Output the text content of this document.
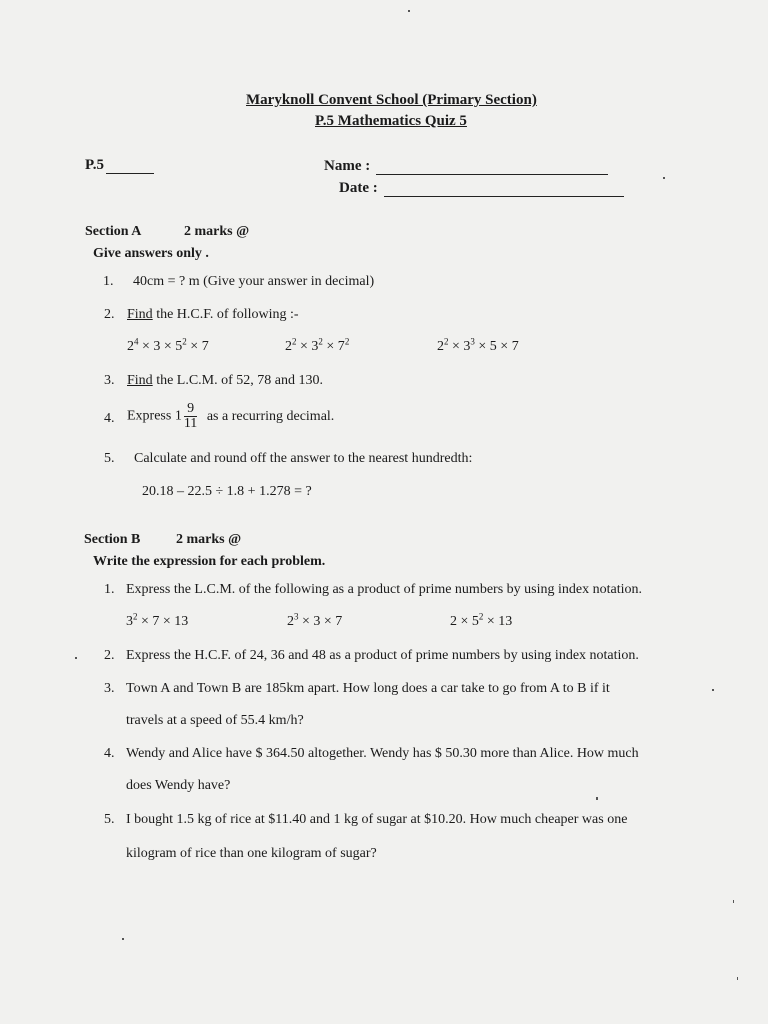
Maryknoll Convent School (Primary Section)
P.5 Mathematics Quiz 5
P.5	Name :
Date :
Section A	2 marks @
Give answers only .
1. 40cm = ? m (Give your answer in decimal)
2. Find the H.C.F. of following :-
$2^4 \times 3 \times 5^2 \times 7$	$2^2 \times 3^2 \times 7^2$	$2^2 \times 3^3 \times 5 \times 7$
3. Find the L.C.M. of 52, 78 and 130.
4. Express $1 \frac{9}{11}$ as a recurring decimal.
5. Calculate and round off the answer to the nearest hundredth:
20.18 – 22.5 ÷ 1.8 + 1.278 = ?
Section B	2 marks @
Write the expression for each problem.
1. Express the L.C.M. of the following as a product of prime numbers by using index notation.
$3^2 \times 7 \times 13$	$2^3 \times 3 \times 7$	$2 \times 5^2 \times 13$
2. Express the H.C.F. of 24, 36 and 48 as a product of prime numbers by using index notation.
3. Town A and Town B are 185km apart. How long does a car take to go from A to B if it
travels at a speed of 55.4 km/h?
4. Wendy and Alice have $ 364.50 altogether. Wendy has $ 50.30 more than Alice. How much
does Wendy have?
5. I bought 1.5 kg of rice at $11.40 and 1 kg of sugar at $10.20. How much cheaper was one
kilogram of rice than one kilogram of sugar?
